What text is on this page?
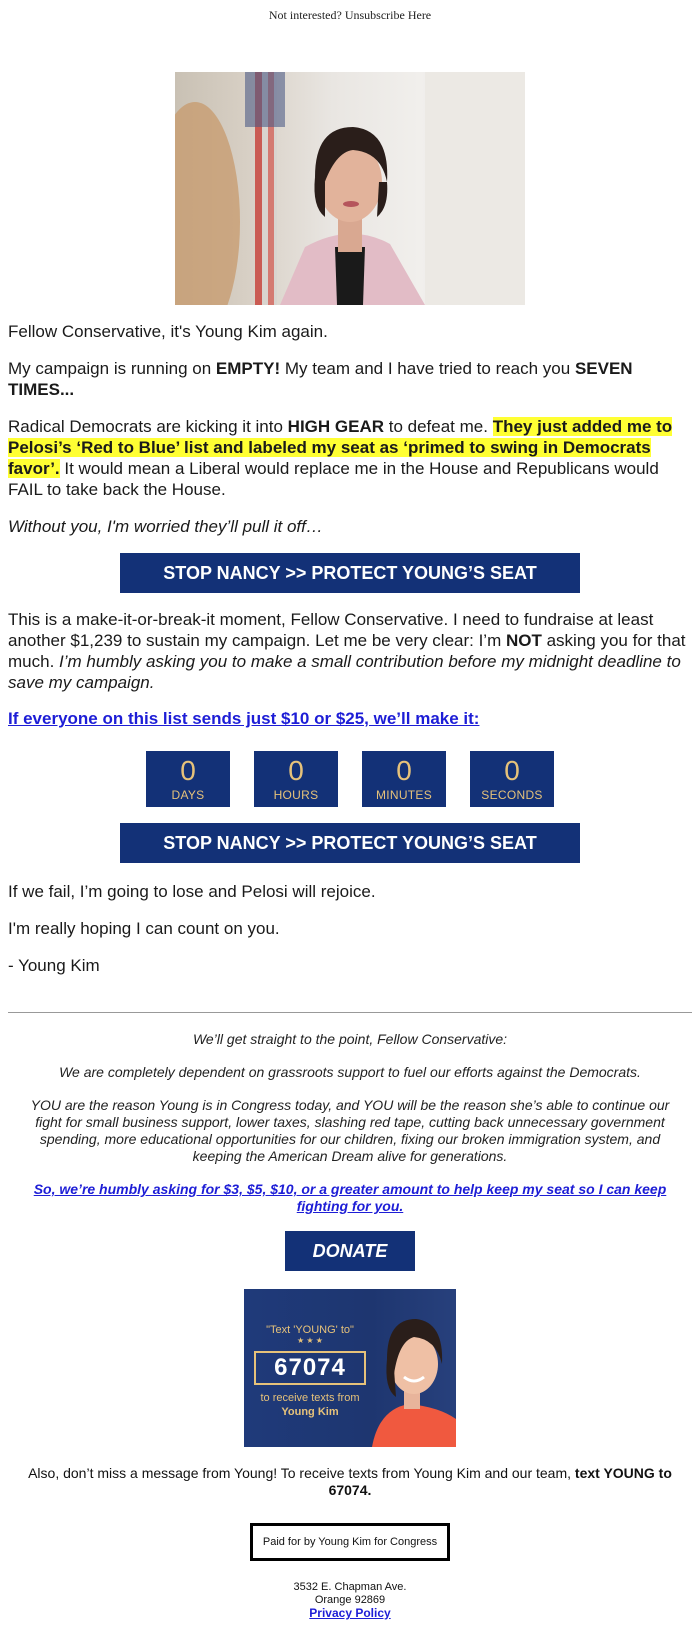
Not interested? Unsubscribe Here

Fellow Conservative, it's Young Kim again.

My campaign is running on EMPTY! My team and I have tried to reach you SEVEN TIMES...

Radical Democrats are kicking it into HIGH GEAR to defeat me. They just added me to Pelosi’s ‘Red to Blue’ list and labeled my seat as ‘primed to swing in Democrats favor’. It would mean a Liberal would replace me in the House and Republicans would FAIL to take back the House.

Without you, I'm worried they’ll pull it off…

STOP NANCY >> PROTECT YOUNG’S SEAT

This is a make-it-or-break-it moment, Fellow Conservative. I need to fundraise at least another $1,239 to sustain my campaign. Let me be very clear: I’m NOT asking you for that much. I’m humbly asking you to make a small contribution before my midnight deadline to save my campaign.

If everyone on this list sends just $10 or $25, we’ll make it:
0
DAYS
0
HOURS
0
MINUTES
0
SECONDS
STOP NANCY >> PROTECT YOUNG’S SEAT

If we fail, I’m going to lose and Pelosi will rejoice.

I'm really hoping I can count on you.

- Young Kim

We’ll get straight to the point, Fellow Conservative:

We are completely dependent on grassroots support to fuel our efforts against the Democrats.

YOU are the reason Young is in Congress today, and YOU will be the reason she’s able to continue our fight for small business support, lower taxes, slashing red tape, cutting back unnecessary government spending, more educational opportunities for our children, fixing our broken immigration system, and keeping the American Dream alive for generations.

So, we’re humbly asking for $3, $5, $10, or a greater amount to help keep my seat so I can keep fighting for you.

DONATE
"Text 'YOUNG' to"
★ ★ ★
67074
to receive texts from
Young Kim

Also, don’t miss a message from Young! To receive texts from Young Kim and our team, text YOUNG to 67074.

Paid for by Young Kim for Congress
3532 E. Chapman Ave.
Orange 92869
Privacy Policy
